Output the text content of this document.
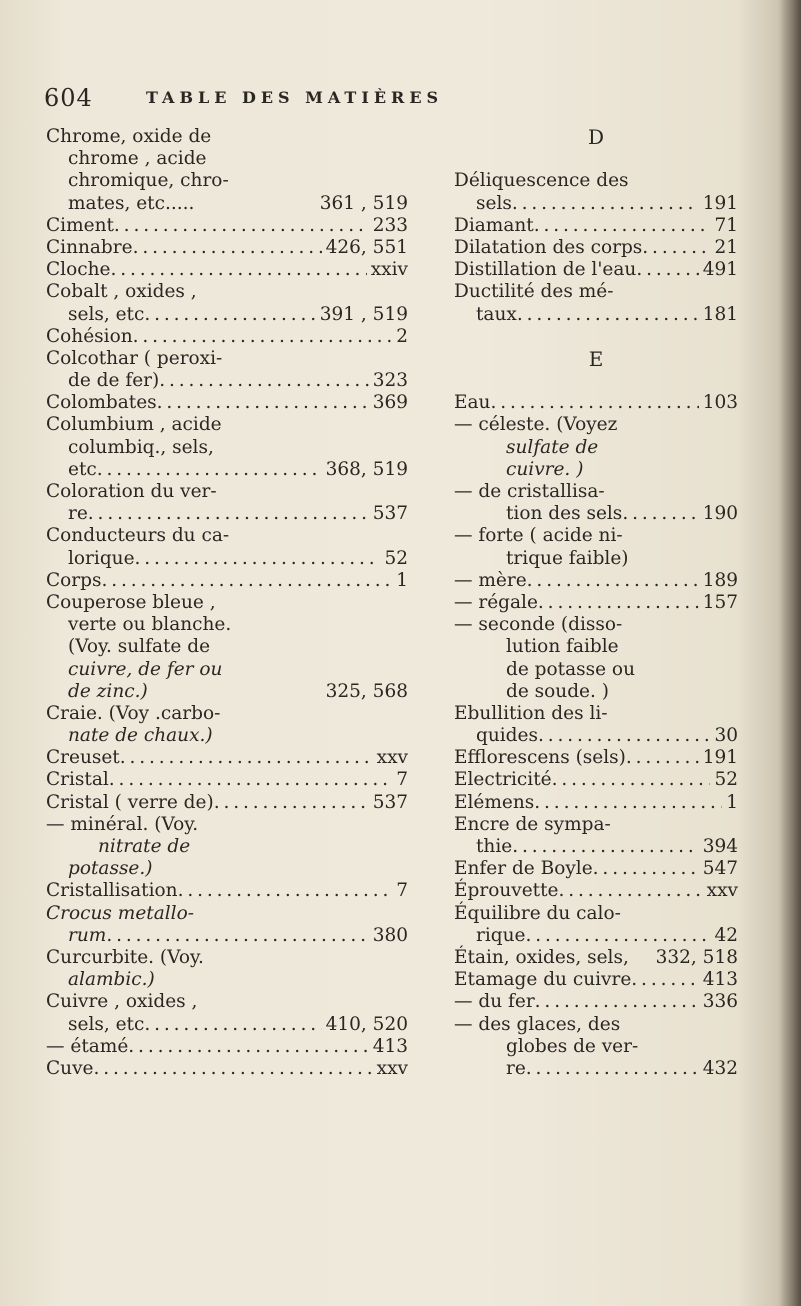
604	TABLE DES MATIÈRES
Chrome, oxide de
chrome , acide
chromique, chro-
mates, etc.....	361 , 519
Ciment . . .	233
Cinnabre . . .	426, 551
Cloche . . .	xxiv
Cobalt , oxides ,
sels, etc . . .	391 , 519
Cohésion . . .	2
Colcothar ( peroxi-
de de fer) . . .	323
Colombates . . .	369
Columbium , acide
columbiq., sels,
etc . . .	368, 519
Coloration du ver-
re . . .	537
Conducteurs du ca-
lorique . . .	52
Corps . . .	1
Couperose bleue ,
verte ou blanche.
(Voy. sulfate de
cuivre, de fer ou
de zinc.)	325, 568
Craie. (Voy .carbo-
nate de chaux.)
Creuset . . .	xxv
Cristal . . .	7
Cristal ( verre de) . . .	537
— minéral. (Voy.
nitrate de
potasse.)
Cristallisation . . .	7
Crocus metallo-
rum . . .	380
Curcurbite. (Voy.
alambic.)
Cuivre , oxides ,
sels, etc . . .	410, 520
— étamé . . .	413
Cuve . . .	xxv
D
Déliquescence des
sels . . .	191
Diamant . . .	71
Dilatation des corps . . .	21
Distillation de l'eau . . .	491
Ductilité des mé-
taux . . .	181
E
Eau . . .	103
— céleste. (Voyez
sulfate de
cuivre. )
— de cristallisa-
tion des sels . . .	190
— forte ( acide ni-
trique faible)
— mère . . .	189
— régale . . .	157
— seconde (disso-
lution faible
de potasse ou
de soude. )
Ebullition des li-
quides . . .	30
Efflorescens (sels) . . .	191
Electricité . . .	52
Elémens . . .	1
Encre de sympa-
thie . . .	394
Enfer de Boyle . . .	547
Éprouvette . . .	xxv
Équilibre du calo-
rique . . .	42
Étain, oxides, sels, 332, 518
Etamage du cuivre . . .	413
— du fer . . .	336
— des glaces, des
globes de ver-
re . . .	432
